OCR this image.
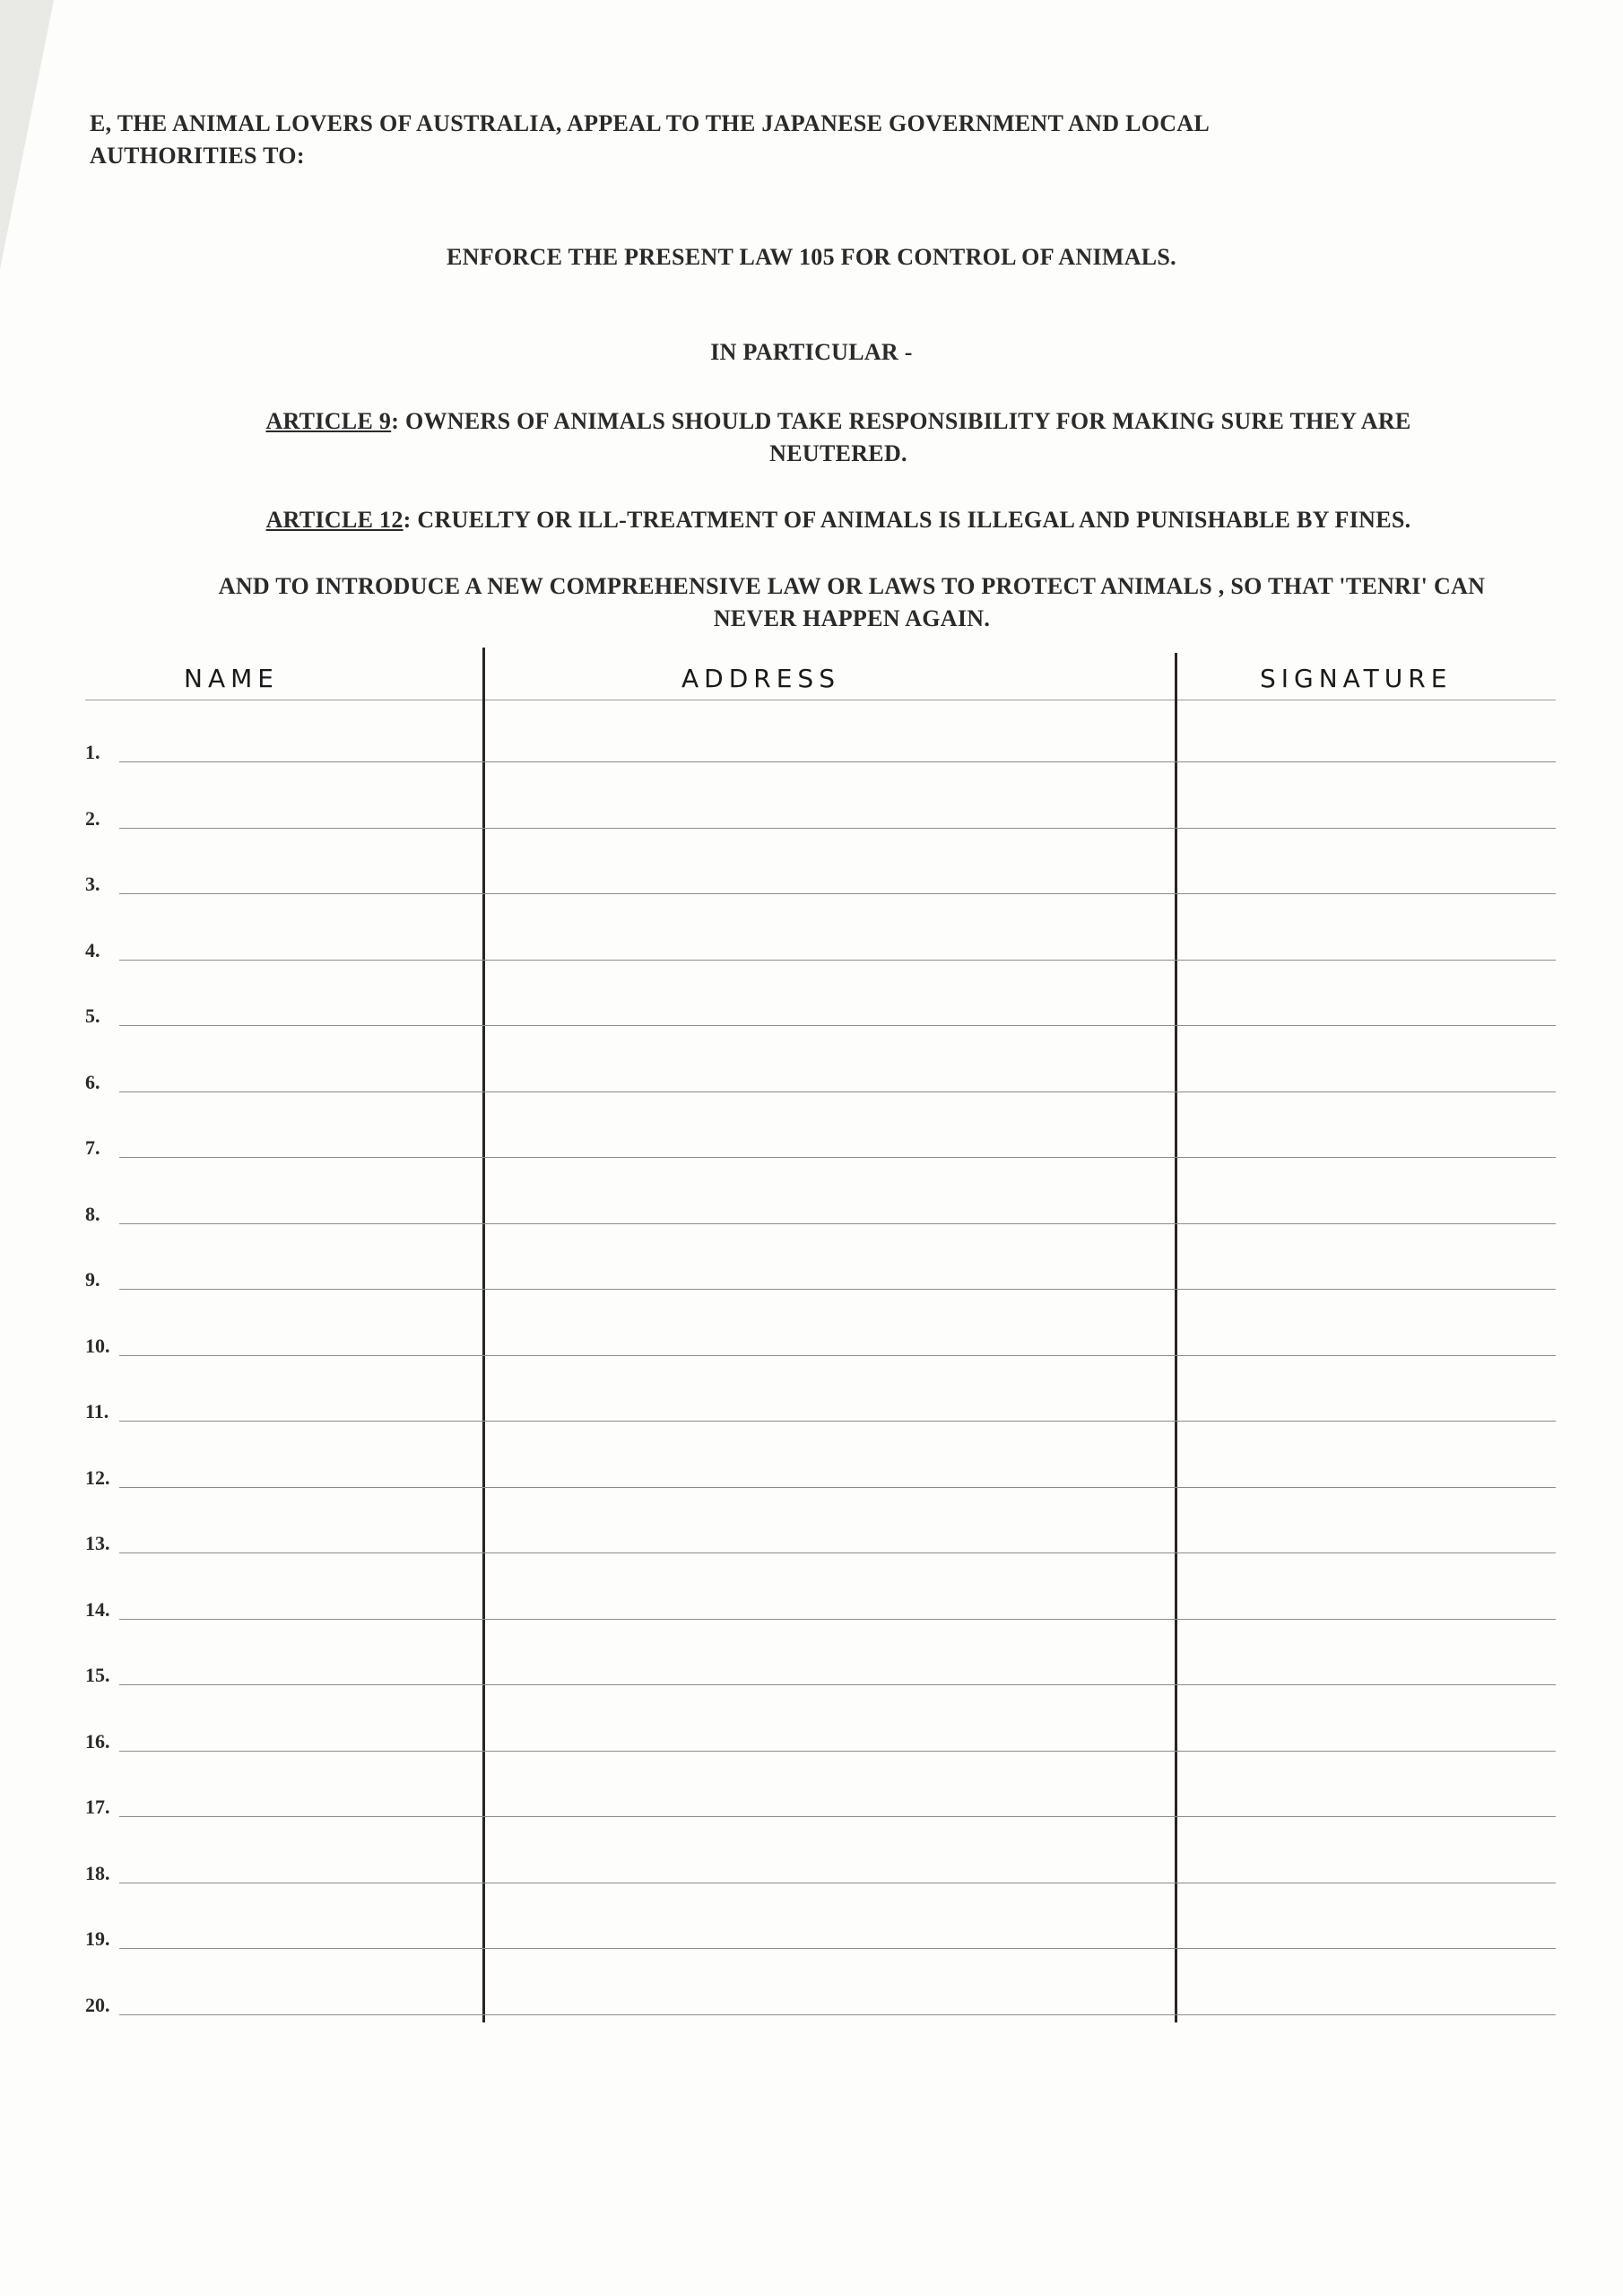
E, THE ANIMAL LOVERS OF AUSTRALIA, APPEAL TO THE JAPANESE GOVERNMENT AND LOCAL
AUTHORITIES TO:
ENFORCE THE PRESENT LAW 105 FOR CONTROL OF ANIMALS.
IN PARTICULAR -
ARTICLE 9: OWNERS OF ANIMALS SHOULD TAKE RESPONSIBILITY FOR MAKING SURE THEY ARE
NEUTERED.
ARTICLE 12: CRUELTY OR ILL-TREATMENT OF ANIMALS IS ILLEGAL AND PUNISHABLE BY FINES.
AND TO INTRODUCE A NEW COMPREHENSIVE LAW OR LAWS TO PROTECT ANIMALS , SO THAT 'TENRI' CAN
NEVER HAPPEN AGAIN.
NAME	ADDRESS	SIGNATURE
1.
2.
3.
4.
5.
6.
7.
8.
9.
10.
11.
12.
13.
14.
15.
16.
17.
18.
19.
20.
